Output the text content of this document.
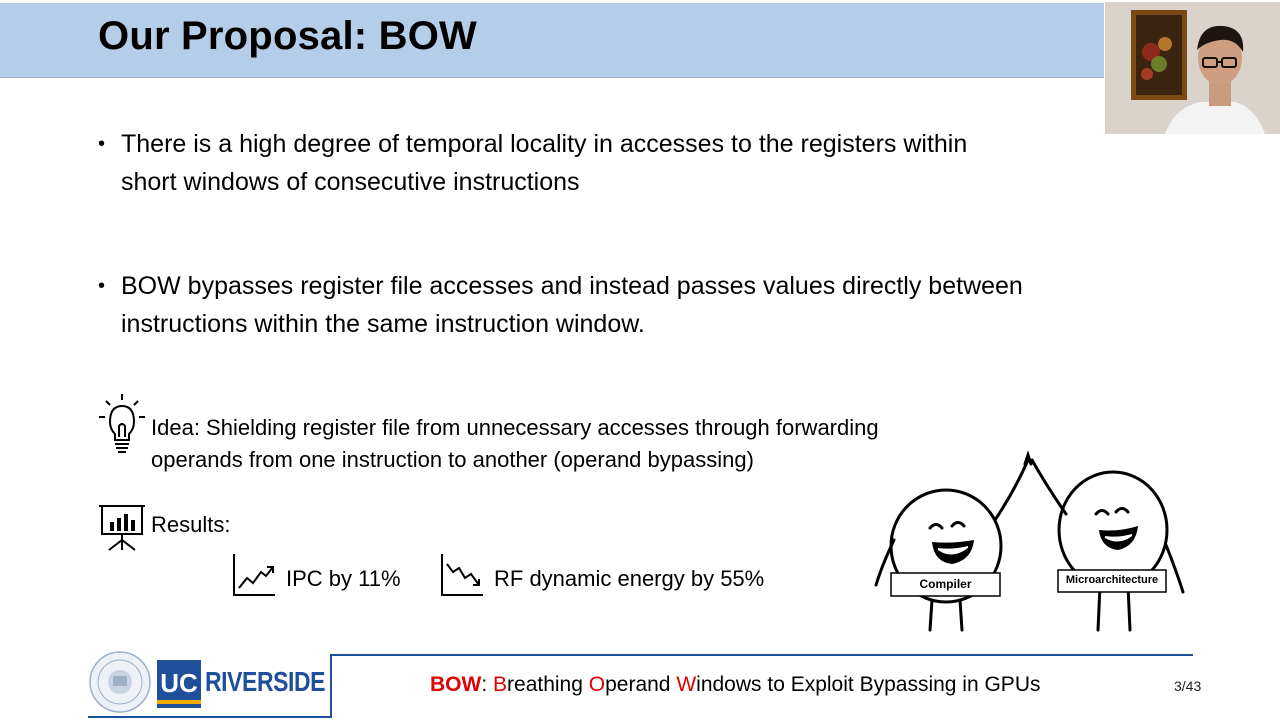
Our Proposal: BOW
• There is a high degree of temporal locality in accesses to the registers within
short windows of consecutive instructions
• BOW bypasses register file accesses and instead passes values directly between
instructions within the same instruction window.
Idea: Shielding register file from unnecessary accesses through forwarding
operands from one instruction to another (operand bypassing)
Results:
IPC by 11%	RF dynamic energy by 55%	Compiler	Microarchitecture
UC RIVERSIDE	BOW: Breathing Operand Windows to Exploit Bypassing in GPUs	3/43
